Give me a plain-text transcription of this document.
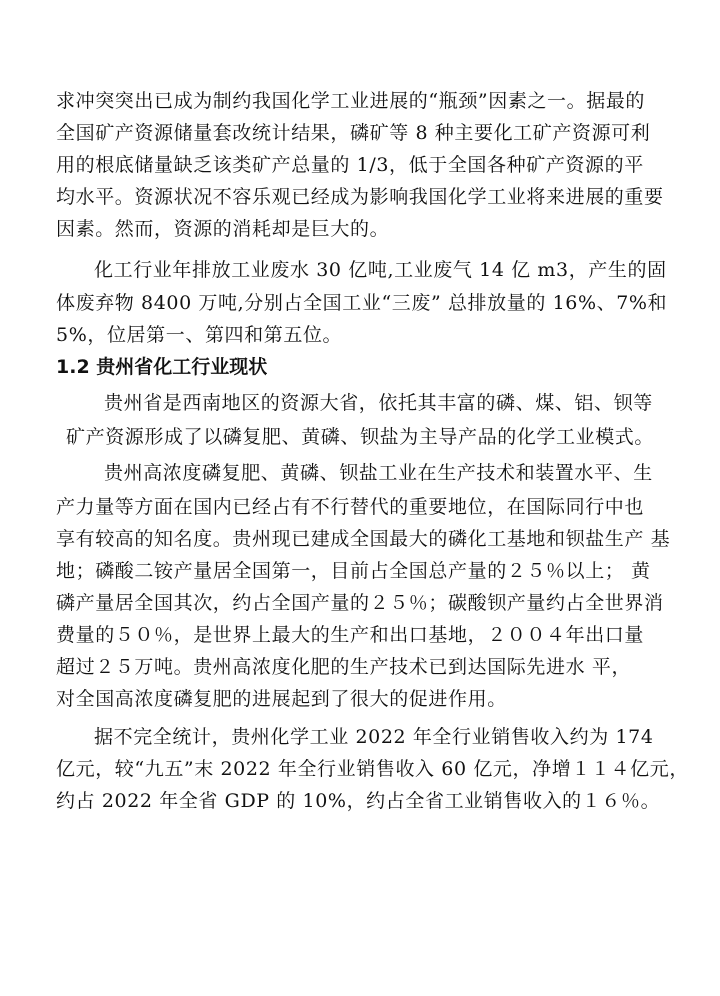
求冲突突出已成为制约我国化学工业进展的“瓶颈”因素之一。据最的
全国矿产资源储量套改统计结果，磷矿等 8 种主要化工矿产资源可利
用的根底储量缺乏该类矿产总量的 1/3，低于全国各种矿产资源的平
均水平。资源状况不容乐观已经成为影响我国化学工业将来进展的重要
因素。然而，资源的消耗却是巨大的。
化工行业年排放工业废水 30 亿吨,工业废气 14 亿 m3，产生的固
体废弃物 8400 万吨,分别占全国工业“三废” 总排放量的 16%、7%和
5%，位居第一、第四和第五位。
1.2 贵州省化工行业现状
贵州省是西南地区的资源大省，依托其丰富的磷、煤、铝、钡等
矿产资源形成了以磷复肥、黄磷、钡盐为主导产品的化学工业模式。
贵州高浓度磷复肥、黄磷、钡盐工业在生产技术和装置水平、生
产力量等方面在国内已经占有不行替代的重要地位，在国际同行中也
享有较高的知名度。贵州现已建成全国最大的磷化工基地和钡盐生产 基
地；磷酸二铵产量居全国第一，目前占全国总产量的２５％以上； 黄
磷产量居全国其次，约占全国产量的２５％；碳酸钡产量约占全世界消
费量的５０％，是世界上最大的生产和出口基地，２００４年出口量
超过２５万吨。贵州高浓度化肥的生产技术已到达国际先进水 平，
对全国高浓度磷复肥的进展起到了很大的促进作用。
据不完全统计，贵州化学工业 2022 年全行业销售收入约为 174
亿元，较“九五”末 2022 年全行业销售收入 60 亿元，净增１１４亿元，
约占 2022 年全省 GDP 的 10%，约占全省工业销售收入的１６％。
